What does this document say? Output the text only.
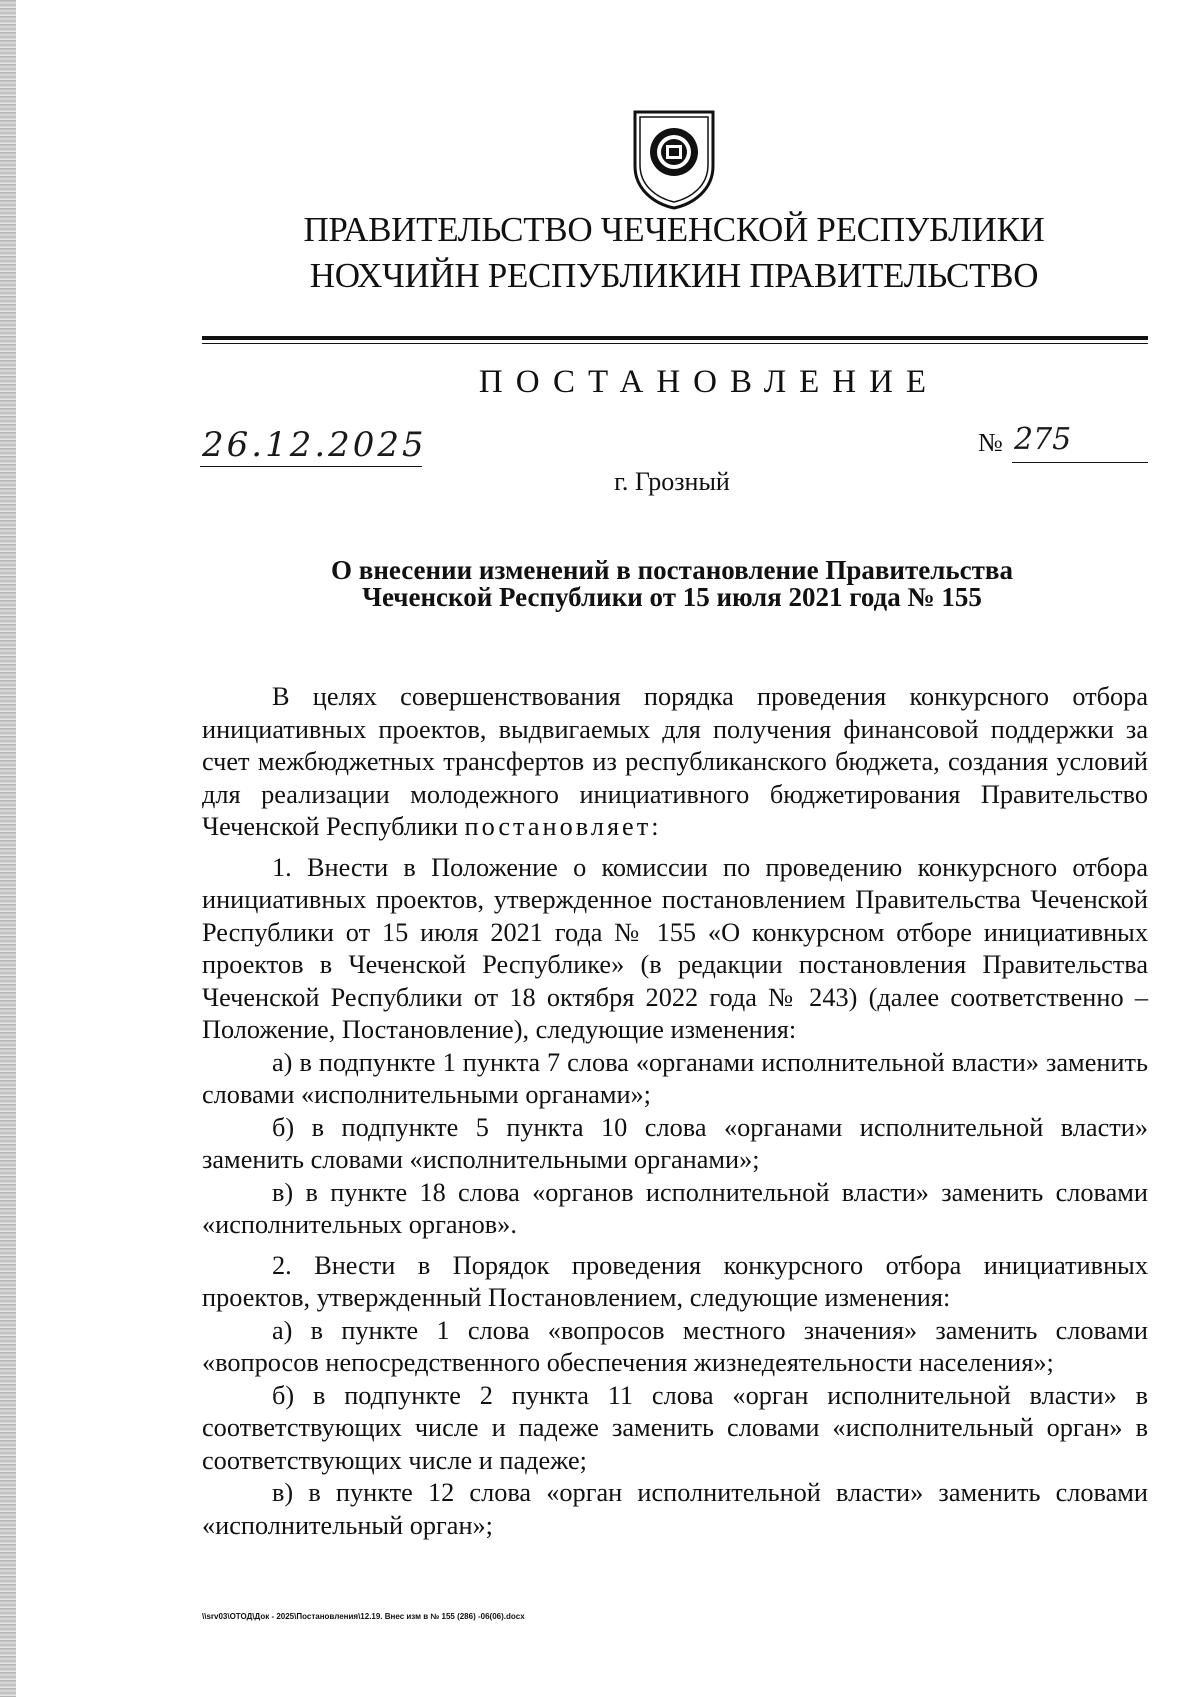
ПРАВИТЕЛЬСТВО ЧЕЧЕНСКОЙ РЕСПУБЛИКИ
НОХЧИЙН РЕСПУБЛИКИН ПРАВИТЕЛЬСТВО
ПОСТАНОВЛЕНИЕ
26.12.2025	№ 275
г. Грозный
О внесении изменений в постановление Правительства
Чеченской Республики от 15 июля 2021 года № 155

В целях совершенствования порядка проведения конкурсного отбора инициативных проектов, выдвигаемых для получения финансовой поддержки за счет межбюджетных трансфертов из республиканского бюджета, создания условий для реализации молодежного инициативного бюджетирования Правительство Чеченской Республики постановляет:

1. Внести в Положение о комиссии по проведению конкурсного отбора инициативных проектов, утвержденное постановлением Правительства Чеченской Республики от 15 июля 2021 года № 155 «О конкурсном отборе инициативных проектов в Чеченской Республике» (в редакции постановления Правительства Чеченской Республики от 18 октября 2022 года № 243) (далее соответственно – Положение, Постановление), следующие изменения:

а) в подпункте 1 пункта 7 слова «органами исполнительной власти» заменить словами «исполнительными органами»;

б) в подпункте 5 пункта 10 слова «органами исполнительной власти» заменить словами «исполнительными органами»;

в) в пункте 18 слова «органов исполнительной власти» заменить словами «исполнительных органов».

2. Внести в Порядок проведения конкурсного отбора инициативных проектов, утвержденный Постановлением, следующие изменения:

а) в пункте 1 слова «вопросов местного значения» заменить словами «вопросов непосредственного обеспечения жизнедеятельности населения»;

б) в подпункте 2 пункта 11 слова «орган исполнительной власти» в соответствующих числе и падеже заменить словами «исполнительный орган» в соответствующих числе и падеже;

в) в пункте 12 слова «орган исполнительной власти» заменить словами «исполнительный орган»;

\\srv03\ОТОД\Док - 2025\Постановления\12.19. Внес изм в № 155 (286) -06(06).docx
